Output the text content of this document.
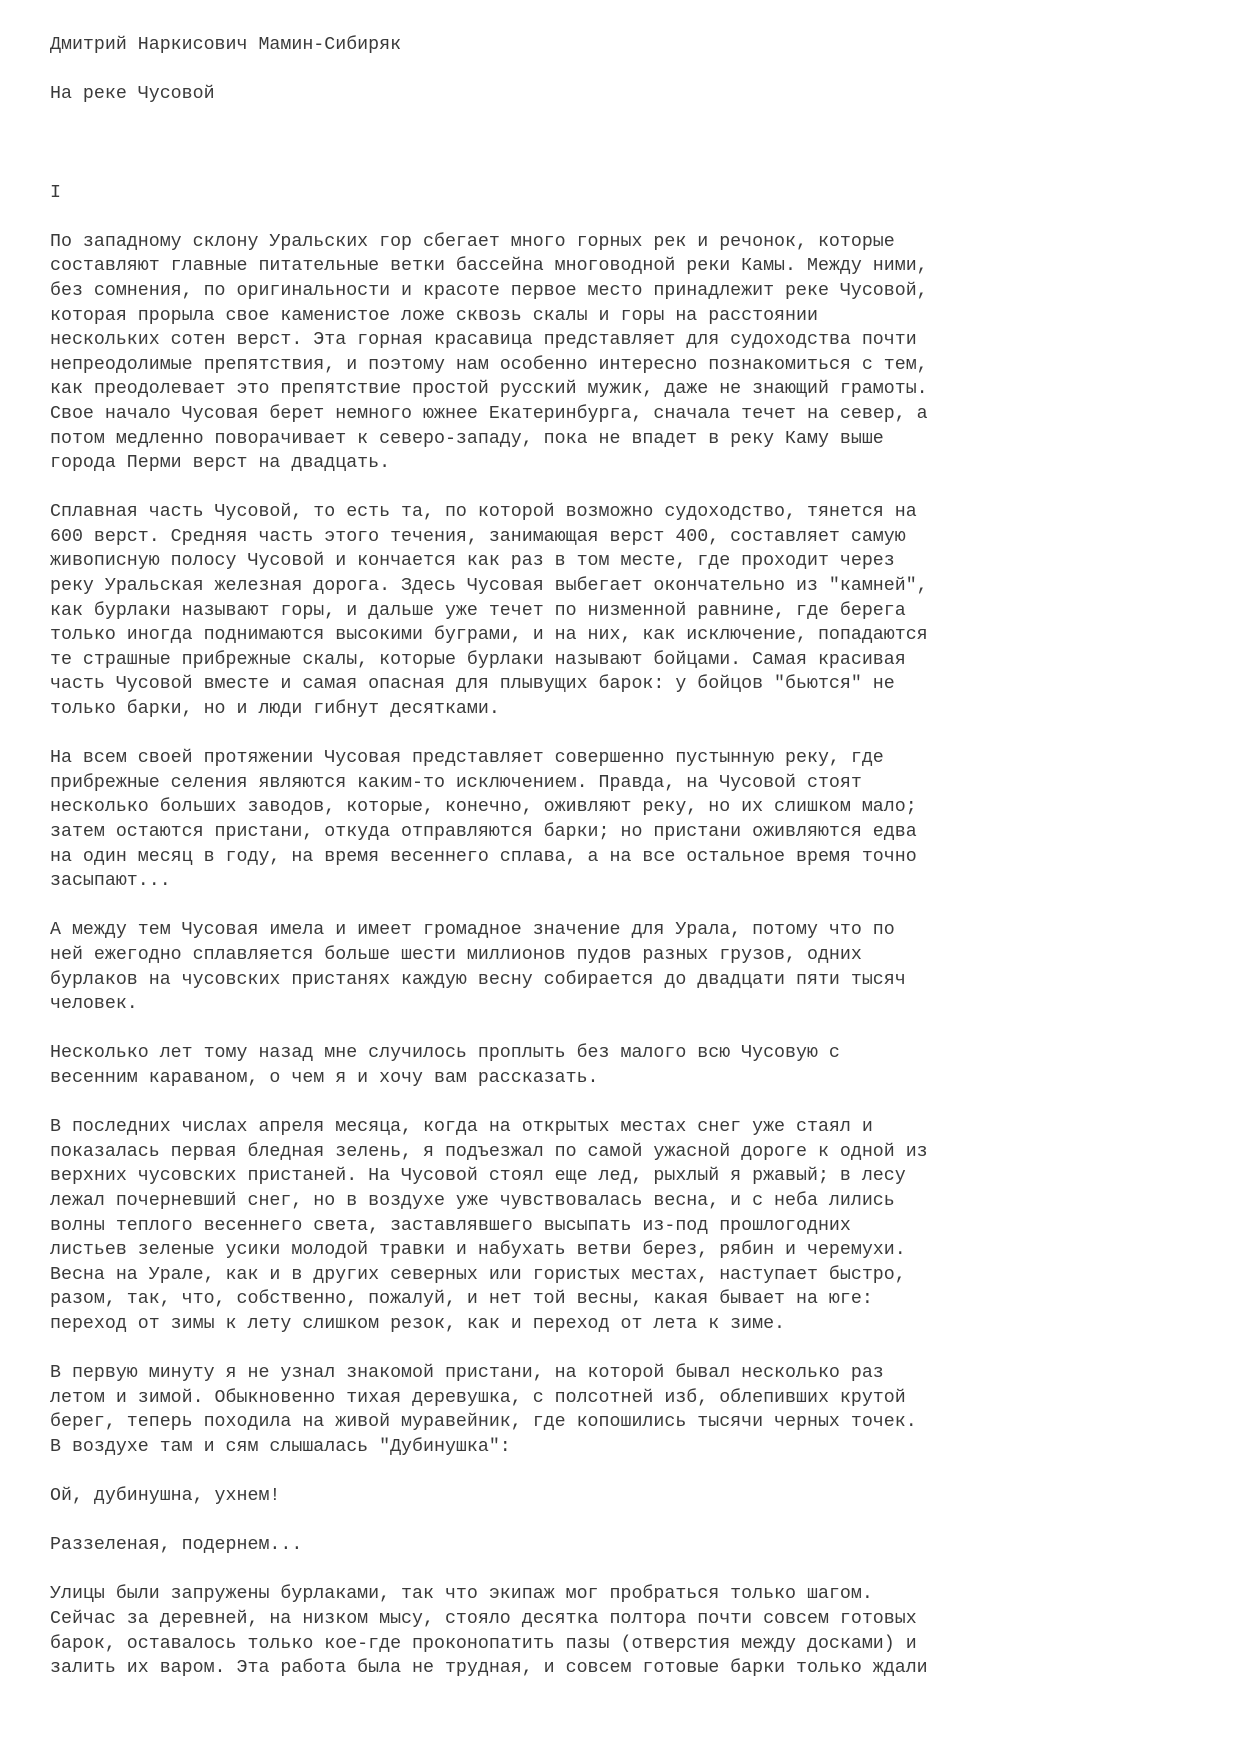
Дмитрий Наркисович Мамин-Сибиряк
На реке Чусовой
I
По западному склону Уральских гор сбегает много горных рек и речонок, которые
составляют главные питательные ветки бассейна многоводной реки Камы. Между ними,
без сомнения, по оригинальности и красоте первое место принадлежит реке Чусовой,
которая прорыла свое каменистое ложе сквозь скалы и горы на расстоянии
нескольких сотен верст. Эта горная красавица представляет для судоходства почти
непреодолимые препятствия, и поэтому нам особенно интересно познакомиться с тем,
как преодолевает это препятствие простой русский мужик, даже не знающий грамоты.
Свое начало Чусовая берет немного южнее Екатеринбурга, сначала течет на север, а
потом медленно поворачивает к северо-западу, пока не впадет в реку Каму выше
города Перми верст на двадцать.
Сплавная часть Чусовой, то есть та, по которой возможно судоходство, тянется на
600 верст. Средняя часть этого течения, занимающая верст 400, составляет самую
живописную полосу Чусовой и кончается как раз в том месте, где проходит через
реку Уральская железная дорога. Здесь Чусовая выбегает окончательно из "камней",
как бурлаки называют горы, и дальше уже течет по низменной равнине, где берега
только иногда поднимаются высокими буграми, и на них, как исключение, попадаются
те страшные прибрежные скалы, которые бурлаки называют бойцами. Самая красивая
часть Чусовой вместе и самая опасная для плывущих барок: у бойцов "бьются" не
только барки, но и люди гибнут десятками.
На всем своей протяжении Чусовая представляет совершенно пустынную реку, где
прибрежные селения являются каким-то исключением. Правда, на Чусовой стоят
несколько больших заводов, которые, конечно, оживляют реку, но их слишком мало;
затем остаются пристани, откуда отправляются барки; но пристани оживляются едва
на один месяц в году, на время весеннего сплава, а на все остальное время точно
засыпают...
А между тем Чусовая имела и имеет громадное значение для Урала, потому что по
ней ежегодно сплавляется больше шести миллионов пудов разных грузов, одних
бурлаков на чусовских пристанях каждую весну собирается до двадцати пяти тысяч
человек.
Несколько лет тому назад мне случилось проплыть без малого всю Чусовую с
весенним караваном, о чем я и хочу вам рассказать.
В последних числах апреля месяца, когда на открытых местах снег уже стаял и
показалась первая бледная зелень, я подъезжал по самой ужасной дороге к одной из
верхних чусовских пристаней. На Чусовой стоял еще лед, рыхлый я ржавый; в лесу
лежал почерневший снег, но в воздухе уже чувствовалась весна, и с неба лились
волны теплого весеннего света, заставлявшего высыпать из-под прошлогодних
листьев зеленые усики молодой травки и набухать ветви берез, рябин и черемухи.
Весна на Урале, как и в других северных или гористых местах, наступает быстро,
разом, так, что, собственно, пожалуй, и нет той весны, какая бывает на юге:
переход от зимы к лету слишком резок, как и переход от лета к зиме.
В первую минуту я не узнал знакомой пристани, на которой бывал несколько раз
летом и зимой. Обыкновенно тихая деревушка, с полсотней изб, облепивших крутой
берег, теперь походила на живой муравейник, где копошились тысячи черных точек.
В воздухе там и сям слышалась "Дубинушка":
Ой, дубинушна, ухнем!
Раззеленая, подернем...
Улицы были запружены бурлаками, так что экипаж мог пробраться только шагом.
Сейчас за деревней, на низком мысу, стояло десятка полтора почти совсем готовых
барок, оставалось только кое-где проконопатить пазы (отверстия между досками) и
залить их варом. Эта работа была не трудная, и совсем готовые барки только ждали
